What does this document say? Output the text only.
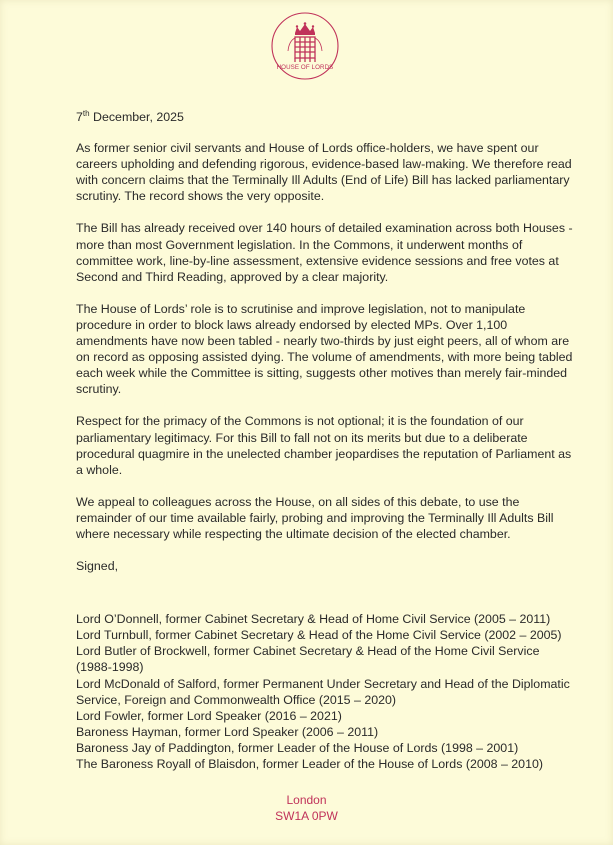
HOUSE OF LORDS
7th December, 2025

As former senior civil servants and House of Lords office-holders, we have spent our careers upholding and defending rigorous, evidence-based law-making. We therefore read with concern claims that the Terminally Ill Adults (End of Life) Bill has lacked parliamentary scrutiny. The record shows the very opposite.

The Bill has already received over 140 hours of detailed examination across both Houses - more than most Government legislation. In the Commons, it underwent months of committee work, line-by-line assessment, extensive evidence sessions and free votes at Second and Third Reading, approved by a clear majority.

The House of Lords’ role is to scrutinise and improve legislation, not to manipulate procedure in order to block laws already endorsed by elected MPs. Over 1,100 amendments have now been tabled - nearly two-thirds by just eight peers, all of whom are on record as opposing assisted dying. The volume of amendments, with more being tabled each week while the Committee is sitting, suggests other motives than merely fair-minded scrutiny.

Respect for the primacy of the Commons is not optional; it is the foundation of our parliamentary legitimacy. For this Bill to fall not on its merits but due to a deliberate procedural quagmire in the unelected chamber jeopardises the reputation of Parliament as a whole.

We appeal to colleagues across the House, on all sides of this debate, to use the remainder of our time available fairly, probing and improving the Terminally Ill Adults Bill where necessary while respecting the ultimate decision of the elected chamber.

Signed,

Lord O’Donnell, former Cabinet Secretary & Head of Home Civil Service (2005 – 2011)
Lord Turnbull, former Cabinet Secretary & Head of the Home Civil Service (2002 – 2005)
Lord Butler of Brockwell, former Cabinet Secretary & Head of the Home Civil Service (1988-1998)
Lord McDonald of Salford, former Permanent Under Secretary and Head of the Diplomatic Service, Foreign and Commonwealth Office (2015 – 2020)
Lord Fowler, former Lord Speaker (2016 – 2021)
Baroness Hayman, former Lord Speaker (2006 – 2011)
Baroness Jay of Paddington, former Leader of the House of Lords (1998 – 2001)
The Baroness Royall of Blaisdon, former Leader of the House of Lords (2008 – 2010)
London
SW1A 0PW
